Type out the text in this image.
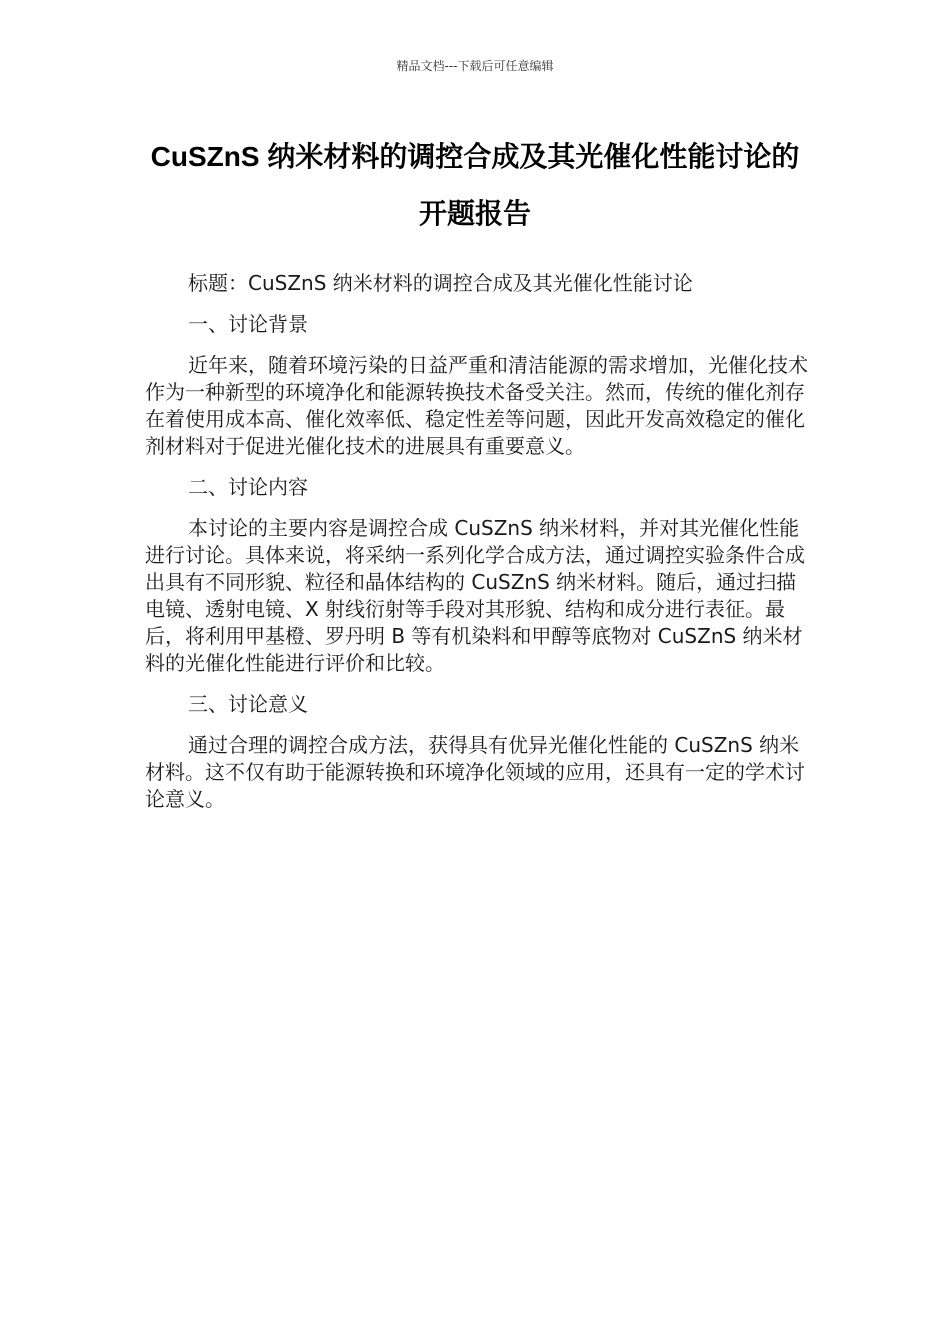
精品文档---下载后可任意编辑
CuSZnS 纳米材料的调控合成及其光催化性能讨论的
开题报告

标题：CuSZnS 纳米材料的调控合成及其光催化性能讨论

一、讨论背景

近年来，随着环境污染的日益严重和清洁能源的需求增加，光催化技术作为一种新型的环境净化和能源转换技术备受关注。然而，传统的催化剂存在着使用成本高、催化效率低、稳定性差等问题，因此开发高效稳定的催化剂材料对于促进光催化技术的进展具有重要意义。

二、讨论内容

本讨论的主要内容是调控合成 CuSZnS 纳米材料，并对其光催化性能进行讨论。具体来说，将采纳一系列化学合成方法，通过调控实验条件合成出具有不同形貌、粒径和晶体结构的 CuSZnS 纳米材料。随后，通过扫描电镜、透射电镜、X 射线衍射等手段对其形貌、结构和成分进行表征。最后，将利用甲基橙、罗丹明 B 等有机染料和甲醇等底物对 CuSZnS 纳米材料的光催化性能进行评价和比较。

三、讨论意义

通过合理的调控合成方法，获得具有优异光催化性能的 CuSZnS 纳米材料。这不仅有助于能源转换和环境净化领域的应用，还具有一定的学术讨论意义。
